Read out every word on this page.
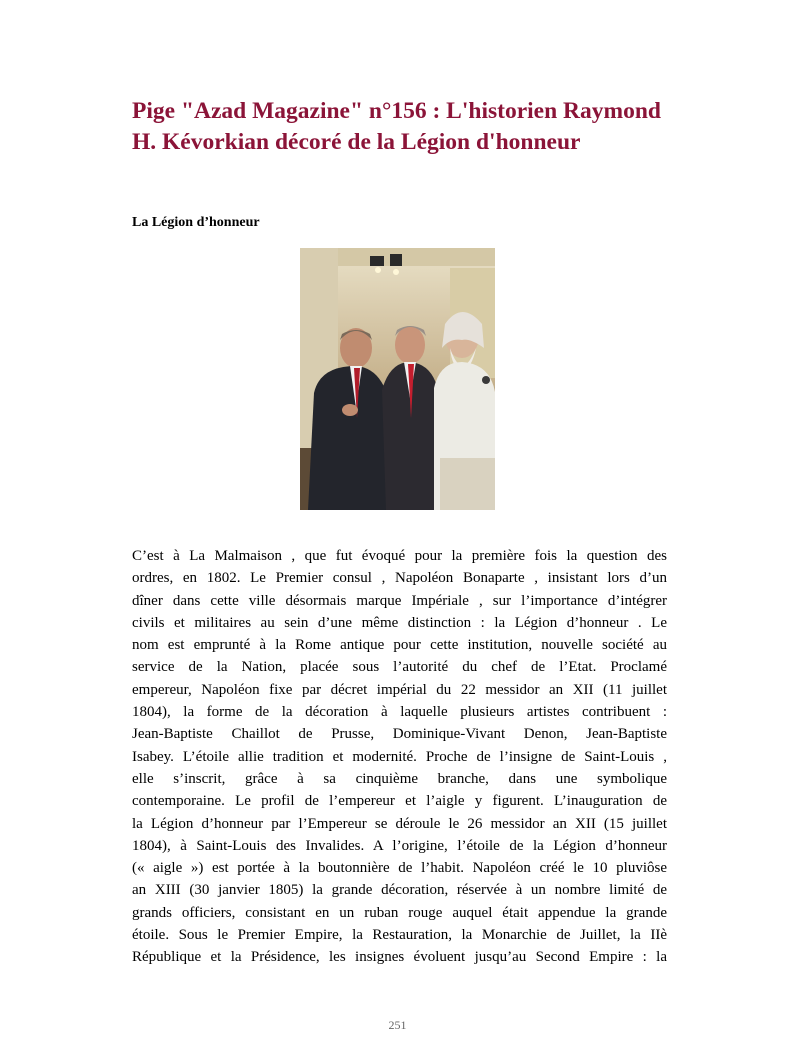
Pige "Azad Magazine" n°156 : L'historien Raymond H. Kévorkian décoré de la Légion d'honneur
La Légion d’honneur
C’est à La Malmaison , que fut évoqué pour la première fois la question des
ordres, en 1802. Le Premier consul , Napoléon Bonaparte , insistant lors d’un
dîner dans cette ville désormais marque Impériale , sur l’importance d’intégrer
civils et militaires au sein d’une même distinction : la Légion d’honneur . Le
nom est emprunté à la Rome antique pour cette institution, nouvelle société au
service de la Nation, placée sous l’autorité du chef de l’Etat. Proclamé
empereur, Napoléon fixe par décret impérial du 22 messidor an XII (11 juillet
1804), la forme de la décoration à laquelle plusieurs artistes contribuent :
Jean-Baptiste Chaillot de Prusse, Dominique-Vivant Denon, Jean-Baptiste
Isabey. L’étoile allie tradition et modernité. Proche de l’insigne de Saint-Louis ,
elle s’inscrit, grâce à sa cinquième branche, dans une symbolique
contemporaine. Le profil de l’empereur et l’aigle y figurent. L’inauguration de
la Légion d’honneur par l’Empereur se déroule le 26 messidor an XII (15 juillet
1804), à Saint-Louis des Invalides. A l’origine, l’étoile de la Légion d’honneur
(« aigle ») est portée à la boutonnière de l’habit. Napoléon créé le 10 pluviôse
an XIII (30 janvier 1805) la grande décoration, réservée à un nombre limité de
grands officiers, consistant en un ruban rouge auquel était appendue la grande
étoile. Sous le Premier Empire, la Restauration, la Monarchie de Juillet, la IIè
République et la Présidence, les insignes évoluent jusqu’au Second Empire : la
251
